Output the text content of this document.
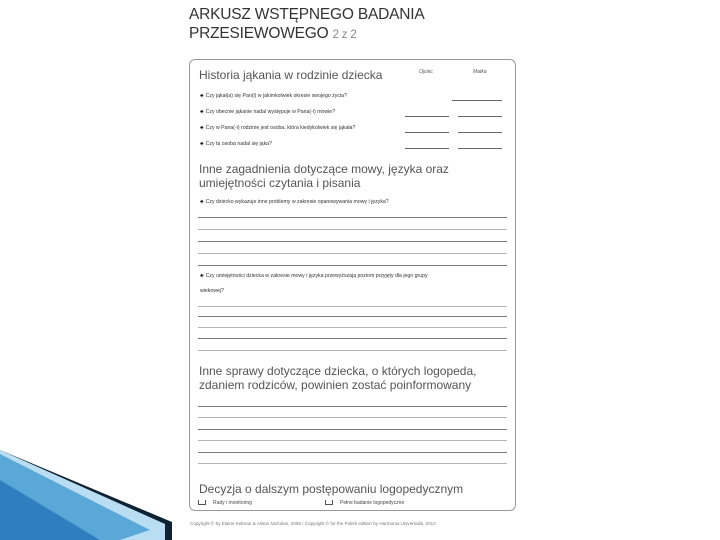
ARKUSZ WSTĘPNEGO BADANIA
PRZESIEWOWEGO 2 z 2
Historia jąkania w rodzinie dziecka	Ojciec	Matka
♣ Czy jąkał(a) się Pan(i) w jakimkolwiek okresie swojego życia?
♣ Czy obecnie jąkanie nadal występuje w Pana(-i) mowie?
♣ Czy w Pana(-i) rodzinie jest osoba, która kiedykolwiek się jąkała?
♣ Czy ta osoba nadal się jąka?
Inne zagadnienia dotyczące mowy, języka oraz
umiejętności czytania i pisania
♣ Czy dziecko wykazuje inne problemy w zakresie opanowywania mowy i języka?
♣ Czy umiejętności dziecka w zakresie mowy i języka przewyższają poziom przyjęty dla jego grupy
wiekowej?
Inne sprawy dotyczące dziecka, o których logopeda,
zdaniem rodziców, powinien zostać poinformowany
Decyzja o dalszym postępowaniu logopedycznym
Rady i monitoring	Pełne badanie logopedyczne
Copyright © by Elaine Kelman & Alison Nicholas, 2008 / Copyright © for the Polish edition by Harmonia Universalis, 2012
